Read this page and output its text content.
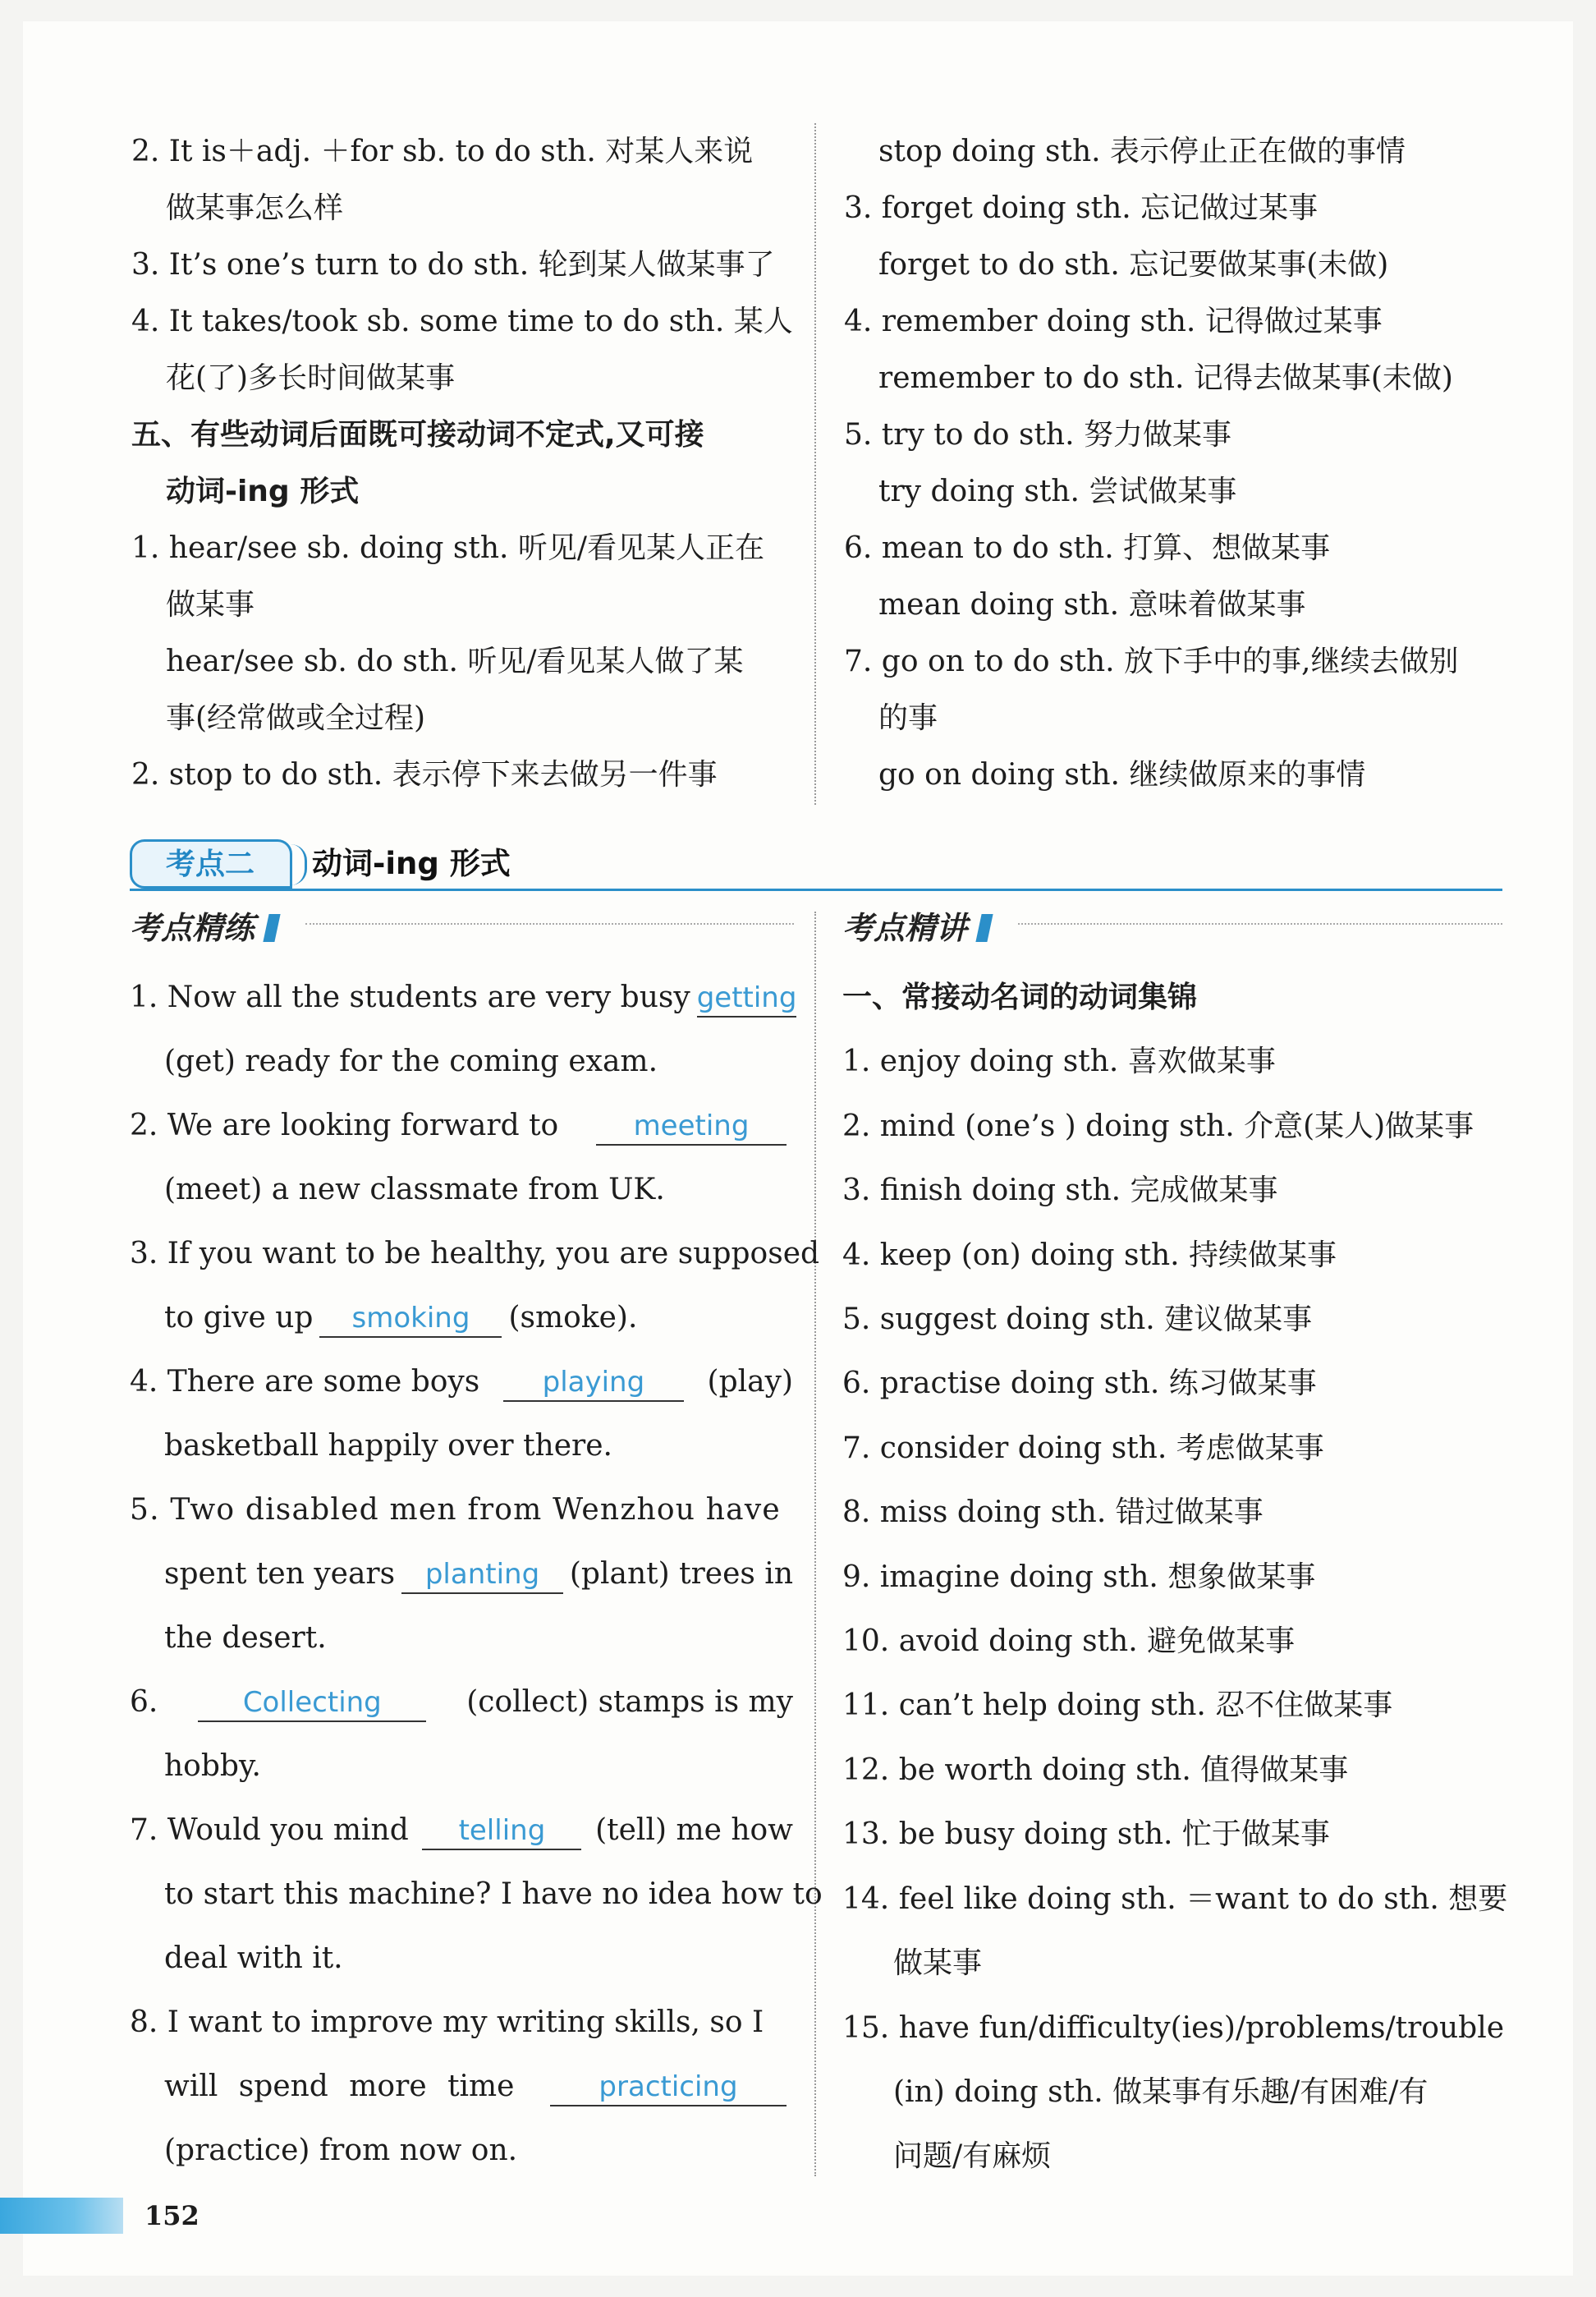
2. It is＋adj. ＋for sb. to do sth. 对某人来说
做某事怎么样
3. It’s one’s turn to do sth. 轮到某人做某事了
4. It takes/took sb. some time to do sth. 某人
花(了)多长时间做某事
五、有些动词后面既可接动词不定式,又可接
动词-ing 形式
1. hear/see sb. doing sth. 听见/看见某人正在
做某事
hear/see sb. do sth. 听见/看见某人做了某
事(经常做或全过程)
2. stop to do sth. 表示停下来去做另一件事
stop doing sth. 表示停止正在做的事情
3. forget doing sth. 忘记做过某事
forget to do sth. 忘记要做某事(未做)
4. remember doing sth. 记得做过某事
remember to do sth. 记得去做某事(未做)
5. try to do sth. 努力做某事
try doing sth. 尝试做某事
6. mean to do sth. 打算、想做某事
mean doing sth. 意味着做某事
7. go on to do sth. 放下手中的事,继续去做别
的事
go on doing sth. 继续做原来的事情
考点二	动词-ing 形式
考点精练	考点精讲
1. Now all the students are very busy getting
(get) ready for the coming exam.
2. We are looking forward to	meeting
(meet) a new classmate from UK.
3. If you want to be healthy, you are supposed
to give up	smoking	(smoke).
4. There are some boys	playing	(play)
basketball happily over there.
5. Two disabled men from Wenzhou have
spent ten years	planting	(plant) trees in
the desert.
6.	Collecting	(collect) stamps is my
hobby.
7. Would you mind	telling	(tell) me how
to start this machine? I have no idea how to
deal with it.
8. I want to improve my writing skills, so I
will spend more time	practicing
(practice) from now on.
一、常接动名词的动词集锦
1. enjoy doing sth. 喜欢做某事
2. mind (one’s ) doing sth. 介意(某人)做某事
3. finish doing sth. 完成做某事
4. keep (on) doing sth. 持续做某事
5. suggest doing sth. 建议做某事
6. practise doing sth. 练习做某事
7. consider doing sth. 考虑做某事
8. miss doing sth. 错过做某事
9. imagine doing sth. 想象做某事
10. avoid doing sth. 避免做某事
11. can’t help doing sth. 忍不住做某事
12. be worth doing sth. 值得做某事
13. be busy doing sth. 忙于做某事
14. feel like doing sth. ＝want to do sth. 想要
做某事
15. have fun/difficulty(ies)/problems/trouble
(in) doing sth. 做某事有乐趣/有困难/有
问题/有麻烦
152
